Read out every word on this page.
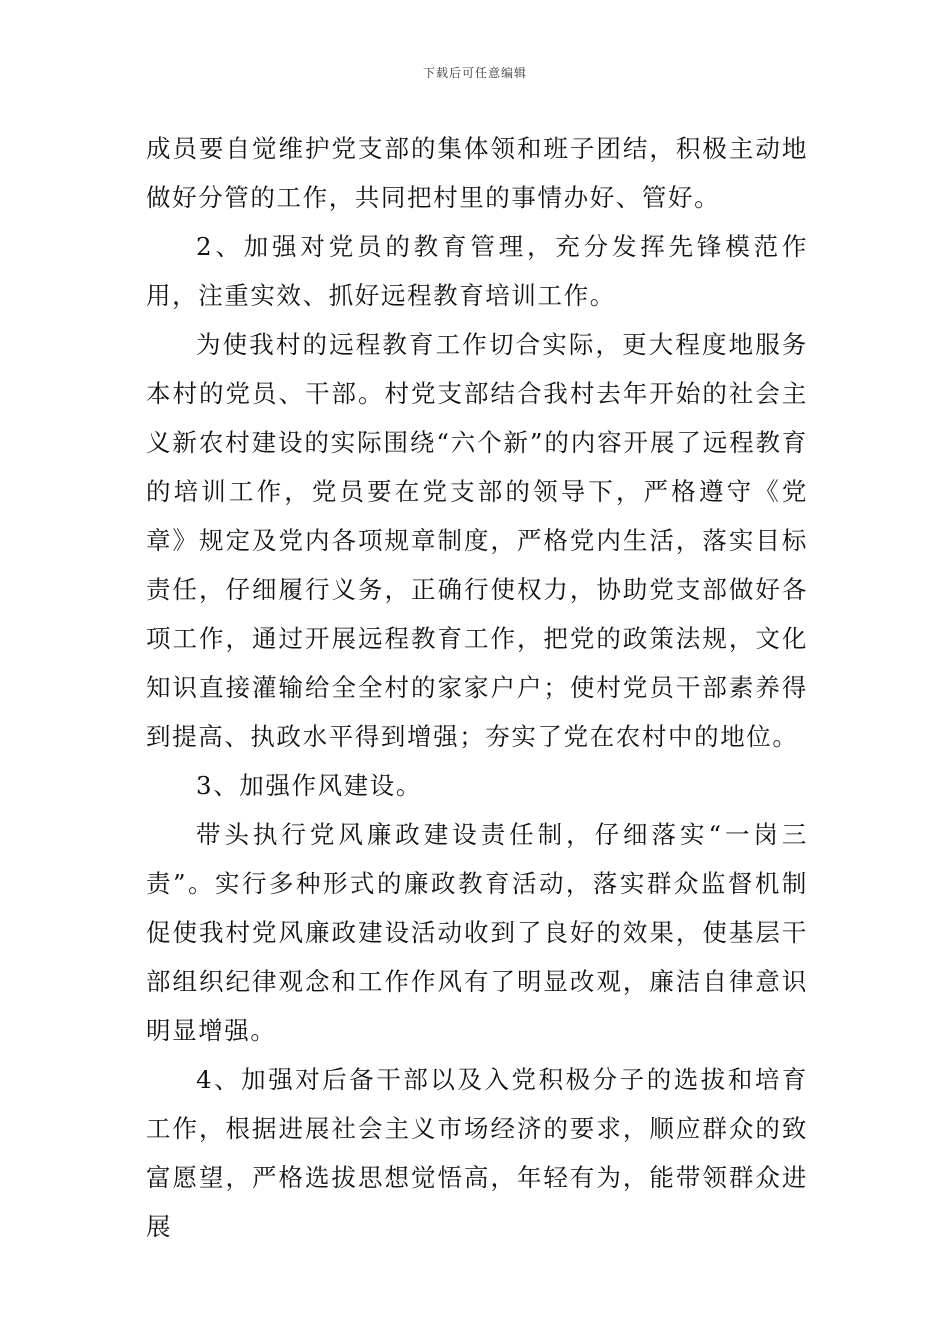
下载后可任意编辑

成员要自觉维护党支部的集体领和班子团结，积极主动地做好分管的工作，共同把村里的事情办好、管好。

2、加强对党员的教育管理，充分发挥先锋模范作用，注重实效、抓好远程教育培训工作。

为使我村的远程教育工作切合实际，更大程度地服务本村的党员、干部。村党支部结合我村去年开始的社会主义新农村建设的实际围绕“六个新”的内容开展了远程教育的培训工作，党员要在党支部的领导下，严格遵守《党章》规定及党内各项规章制度，严格党内生活，落实目标责任，仔细履行义务，正确行使权力，协助党支部做好各项工作，通过开展远程教育工作，把党的政策法规，文化知识直接灌输给全全村的家家户户；使村党员干部素养得到提高、执政水平得到增强；夯实了党在农村中的地位。

3、加强作风建设。

带头执行党风廉政建设责任制，仔细落实“一岗三责”。实行多种形式的廉政教育活动，落实群众监督机制促使我村党风廉政建设活动收到了良好的效果，使基层干部组织纪律观念和工作作风有了明显改观，廉洁自律意识明显增强。

4、加强对后备干部以及入党积极分子的选拔和培育工作，根据进展社会主义市场经济的要求，顺应群众的致富愿望，严格选拔思想觉悟高，年轻有为，能带领群众进展
